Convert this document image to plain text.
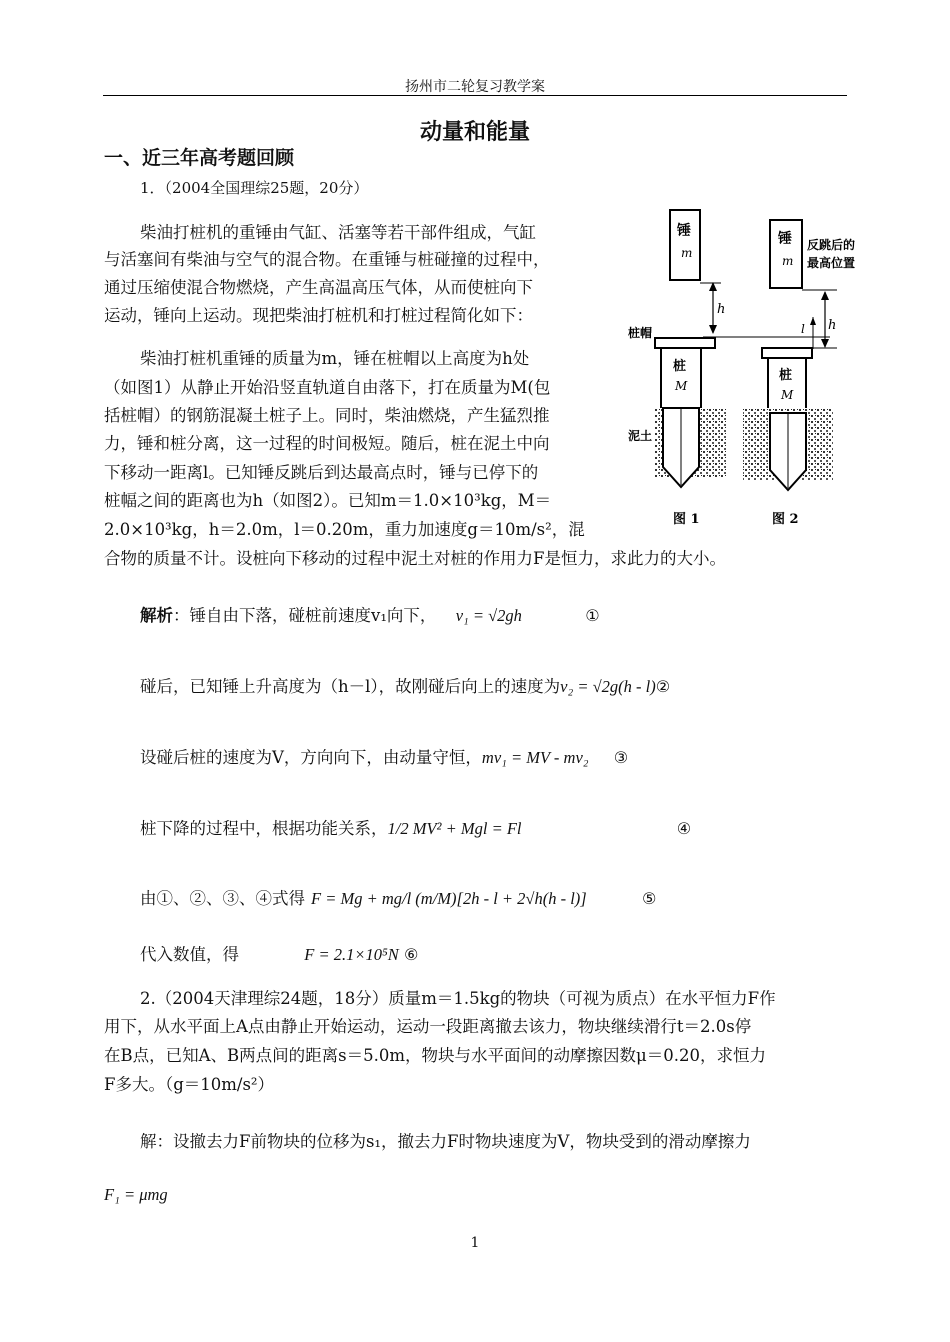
扬州市二轮复习教学案
动量和能量
一、近三年高考题回顾
1．（2004全国理综25题，20分）
柴油打桩机的重锤由气缸、活塞等若干部件组成，气缸
与活塞间有柴油与空气的混合物。在重锤与桩碰撞的过程中，
通过压缩使混合物燃烧，产生高温高压气体，从而使桩向下
运动，锤向上运动。现把柴油打桩机和打桩过程简化如下：
柴油打桩机重锤的质量为m，锤在桩帽以上高度为h处
（如图1）从静止开始沿竖直轨道自由落下，打在质量为M(包
括桩帽）的钢筋混凝土桩子上。同时，柴油燃烧，产生猛烈推
力，锤和桩分离，这一过程的时间极短。随后，桩在泥土中向
下移动一距离l。已知锤反跳后到达最高点时，锤与已停下的
桩幅之间的距离也为h（如图2）。已知m＝1.0×10³kg，M＝
2.0×10³kg，h＝2.0m，l＝0.20m，重力加速度g＝10m/s²，混
合物的质量不计。设桩向下移动的过程中泥土对桩的作用力F是恒力，求此力的大小。
锤
m
h
桩帽
桩
M
泥土
锤
m
反跳后的
最高位置
h
l
桩
M
图 1	图 2
解析：锤自由下落，碰桩前速度v₁向下， v₁ = √2gh	①
碰后，已知锤上升高度为（h－l），故刚碰后向上的速度为v₂ = √2g(h - l)②
设碰后桩的速度为V，方向向下，由动量守恒，mv₁ = MV - mv₂ ③
桩下降的过程中，根据功能关系，1/2 MV² + Mgl = Fl	④
由①、②、③、④式得 F = Mg + mg/l (m/M)[2h - l + 2√h(h - l)]	⑤
代入数值，得	F = 2.1×10⁵N ⑥
2.（2004天津理综24题，18分）质量m＝1.5kg的物块（可视为质点）在水平恒力F作
用下，从水平面上A点由静止开始运动，运动一段距离撤去该力，物块继续滑行t＝2.0s停
在B点，已知A、B两点间的距离s＝5.0m，物块与水平面间的动摩擦因数μ＝0.20，求恒力
F多大。（g＝10m/s²）
解：设撤去力F前物块的位移为s₁，撤去力F时物块速度为V，物块受到的滑动摩擦力
F₁ = μmg
1
